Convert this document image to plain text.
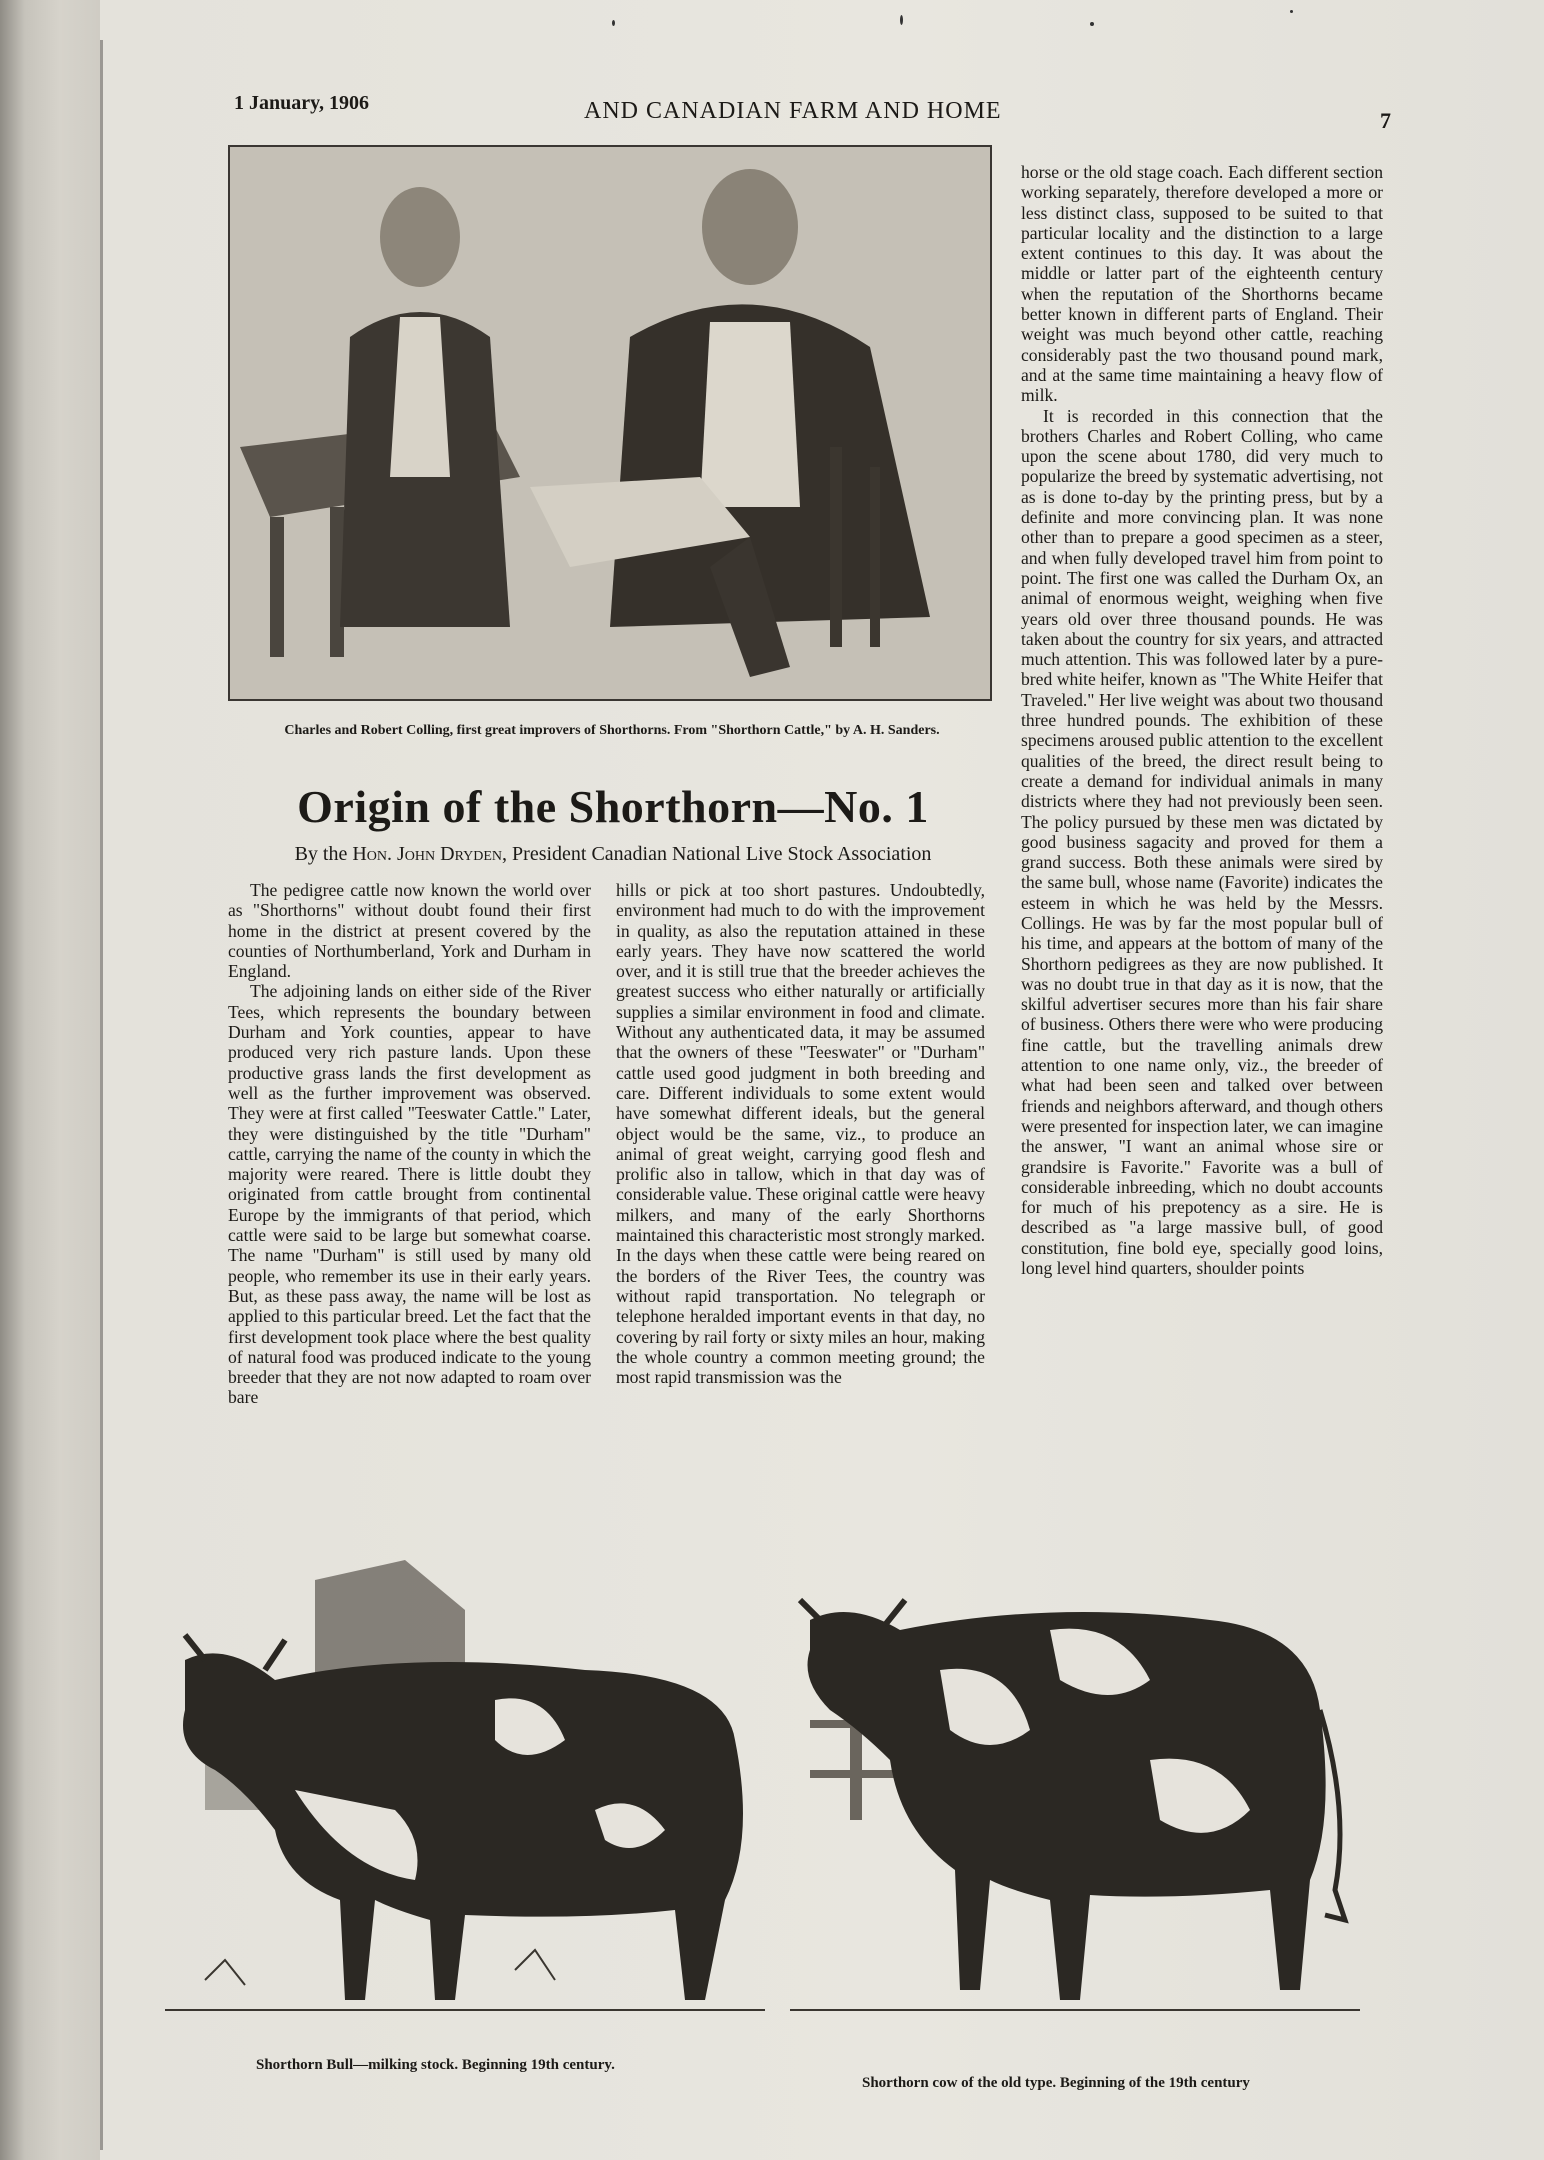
1 January, 1906	AND CANADIAN FARM AND HOME	7
Charles and Robert Colling, first great improvers of Shorthorns. From "Shorthorn Cattle," by A. H. Sanders.
Origin of the Shorthorn—No. 1
By the Hon. John Dryden, President Canadian National Live Stock Association

The pedigree cattle now known the world over as "Shorthorns" without doubt found their first home in the district at present covered by the counties of Northumberland, York and Durham in England.

The adjoining lands on either side of the River Tees, which represents the boundary between Durham and York counties, appear to have produced very rich pasture lands. Upon these productive grass lands the first development as well as the further improvement was observed. They were at first called "Teeswater Cattle." Later, they were distinguished by the title "Durham" cattle, carrying the name of the county in which the majority were reared. There is little doubt they originated from cattle brought from continental Europe by the immigrants of that period, which cattle were said to be large but somewhat coarse. The name "Durham" is still used by many old people, who remember its use in their early years. But, as these pass away, the name will be lost as applied to this particular breed. Let the fact that the first development took place where the best quality of natural food was produced indicate to the young breeder that they are not now adapted to roam over bare

hills or pick at too short pastures. Undoubtedly, environment had much to do with the improvement in quality, as also the reputation attained in these early years. They have now scattered the world over, and it is still true that the breeder achieves the greatest success who either naturally or artificially supplies a similar environment in food and climate. Without any authenticated data, it may be assumed that the owners of these "Teeswater" or "Durham" cattle used good judgment in both breeding and care. Different individuals to some extent would have somewhat different ideals, but the general object would be the same, viz., to produce an animal of great weight, carrying good flesh and prolific also in tallow, which in that day was of considerable value. These original cattle were heavy milkers, and many of the early Shorthorns maintained this characteristic most strongly marked. In the days when these cattle were being reared on the borders of the River Tees, the country was without rapid transportation. No telegraph or telephone heralded important events in that day, no covering by rail forty or sixty miles an hour, making the whole country a common meeting ground; the most rapid transmission was the

horse or the old stage coach. Each different section working separately, therefore developed a more or less distinct class, supposed to be suited to that particular locality and the distinction to a large extent continues to this day. It was about the middle or latter part of the eighteenth century when the reputation of the Shorthorns became better known in different parts of England. Their weight was much beyond other cattle, reaching considerably past the two thousand pound mark, and at the same time maintaining a heavy flow of milk.

It is recorded in this connection that the brothers Charles and Robert Colling, who came upon the scene about 1780, did very much to popularize the breed by systematic advertising, not as is done to-day by the printing press, but by a definite and more convincing plan. It was none other than to prepare a good specimen as a steer, and when fully developed travel him from point to point. The first one was called the Durham Ox, an animal of enormous weight, weighing when five years old over three thousand pounds. He was taken about the country for six years, and attracted much attention. This was followed later by a pure-bred white heifer, known as "The White Heifer that Traveled." Her live weight was about two thousand three hundred pounds. The exhibition of these specimens aroused public attention to the excellent qualities of the breed, the direct result being to create a demand for individual animals in many districts where they had not previously been seen. The policy pursued by these men was dictated by good business sagacity and proved for them a grand success. Both these animals were sired by the same bull, whose name (Favorite) indicates the esteem in which he was held by the Messrs. Collings. He was by far the most popular bull of his time, and appears at the bottom of many of the Shorthorn pedigrees as they are now published. It was no doubt true in that day as it is now, that the skilful advertiser secures more than his fair share of business. Others there were who were producing fine cattle, but the travelling animals drew attention to one name only, viz., the breeder of what had been seen and talked over between friends and neighbors afterward, and though others were presented for inspection later, we can imagine the answer, "I want an animal whose sire or grandsire is Favorite." Favorite was a bull of considerable inbreeding, which no doubt accounts for much of his prepotency as a sire. He is described as "a large massive bull, of good constitution, fine bold eye, specially good loins, long level hind quarters, shoulder points

Shorthorn Bull—milking stock. Beginning 19th century.
Shorthorn cow of the old type. Beginning of the 19th century
